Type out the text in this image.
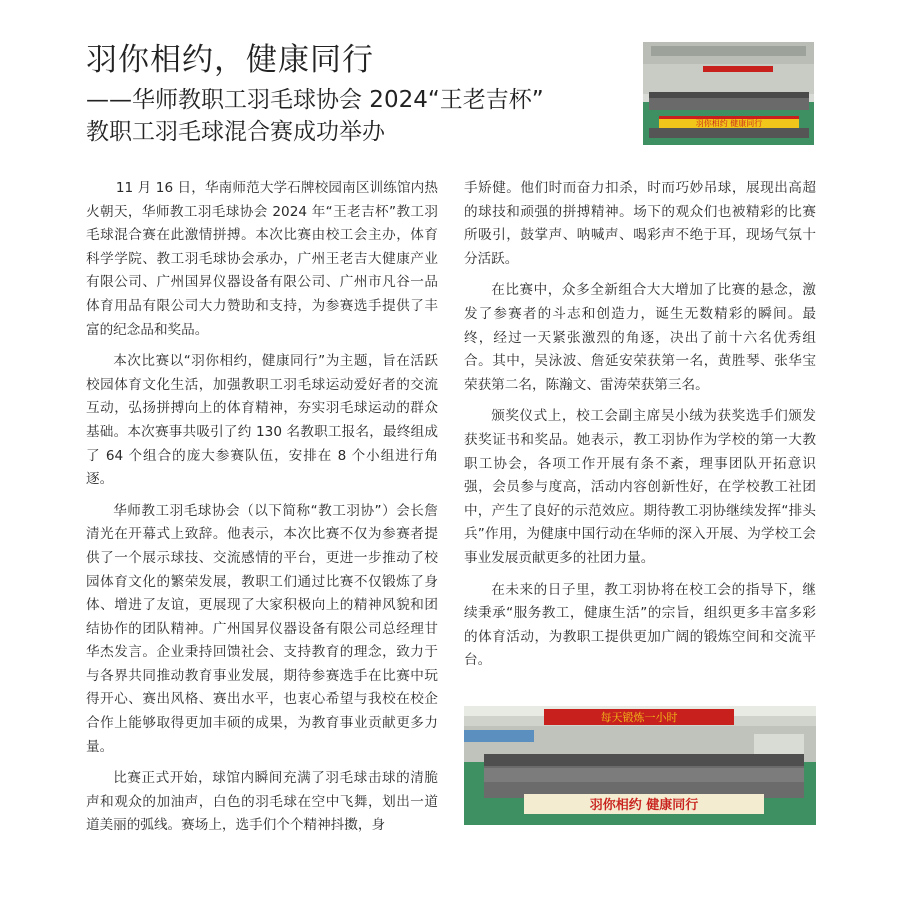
羽你相约，健康同行
——华师教职工羽毛球协会 2024“王老吉杯”
教职工羽毛球混合赛成功举办	羽你相约 健康同行

11 月 16 日，华南师范大学石牌校园南区训练馆内热火朝天，华师教工羽毛球协会 2024 年“王老吉杯”教工羽毛球混合赛在此激情拼搏。本次比赛由校工会主办，体育科学学院、教工羽毛球协会承办，广州王老吉大健康产业有限公司、广州国昇仪器设备有限公司、广州市凡谷一品体育用品有限公司大力赞助和支持，为参赛选手提供了丰富的纪念品和奖品。

本次比赛以“羽你相约，健康同行”为主题，旨在活跃校园体育文化生活，加强教职工羽毛球运动爱好者的交流互动，弘扬拼搏向上的体育精神，夯实羽毛球运动的群众基础。本次赛事共吸引了约 130 名教职工报名，最终组成了 64 个组合的庞大参赛队伍，安排在 8 个小组进行角逐。

华师教工羽毛球协会（以下简称“教工羽协”）会长詹清光在开幕式上致辞。他表示，本次比赛不仅为参赛者提供了一个展示球技、交流感情的平台，更进一步推动了校园体育文化的繁荣发展，教职工们通过比赛不仅锻炼了身体、增进了友谊，更展现了大家积极向上的精神风貌和团结协作的团队精神。广州国昇仪器设备有限公司总经理甘华杰发言。企业秉持回馈社会、支持教育的理念，致力于与各界共同推动教育事业发展，期待参赛选手在比赛中玩得开心、赛出风格、赛出水平，也衷心希望与我校在校企合作上能够取得更加丰硕的成果，为教育事业贡献更多力量。

比赛正式开始，球馆内瞬间充满了羽毛球击球的清脆声和观众的加油声，白色的羽毛球在空中飞舞，划出一道道美丽的弧线。赛场上，选手们个个精神抖擞，身

手矫健。他们时而奋力扣杀，时而巧妙吊球，展现出高超的球技和顽强的拼搏精神。场下的观众们也被精彩的比赛所吸引，鼓掌声、呐喊声、喝彩声不绝于耳，现场气氛十分活跃。

在比赛中，众多全新组合大大增加了比赛的悬念，激发了参赛者的斗志和创造力，诞生无数精彩的瞬间。最终，经过一天紧张激烈的角逐，决出了前十六名优秀组合。其中，吴泳波、詹延安荣获第一名，黄胜琴、张华宝荣获第二名，陈瀚文、雷涛荣获第三名。

颁奖仪式上，校工会副主席吴小绒为获奖选手们颁发获奖证书和奖品。她表示，教工羽协作为学校的第一大教职工协会，各项工作开展有条不紊，理事团队开拓意识强，会员参与度高，活动内容创新性好，在学校教工社团中，产生了良好的示范效应。期待教工羽协继续发挥“排头兵”作用，为健康中国行动在华师的深入开展、为学校工会事业发展贡献更多的社团力量。

在未来的日子里，教工羽协将在校工会的指导下，继续秉承“服务教工，健康生活”的宗旨，组织更多丰富多彩的体育活动，为教职工提供更加广阔的锻炼空间和交流平台。

每天锻炼一小时
羽你相约 健康同行
